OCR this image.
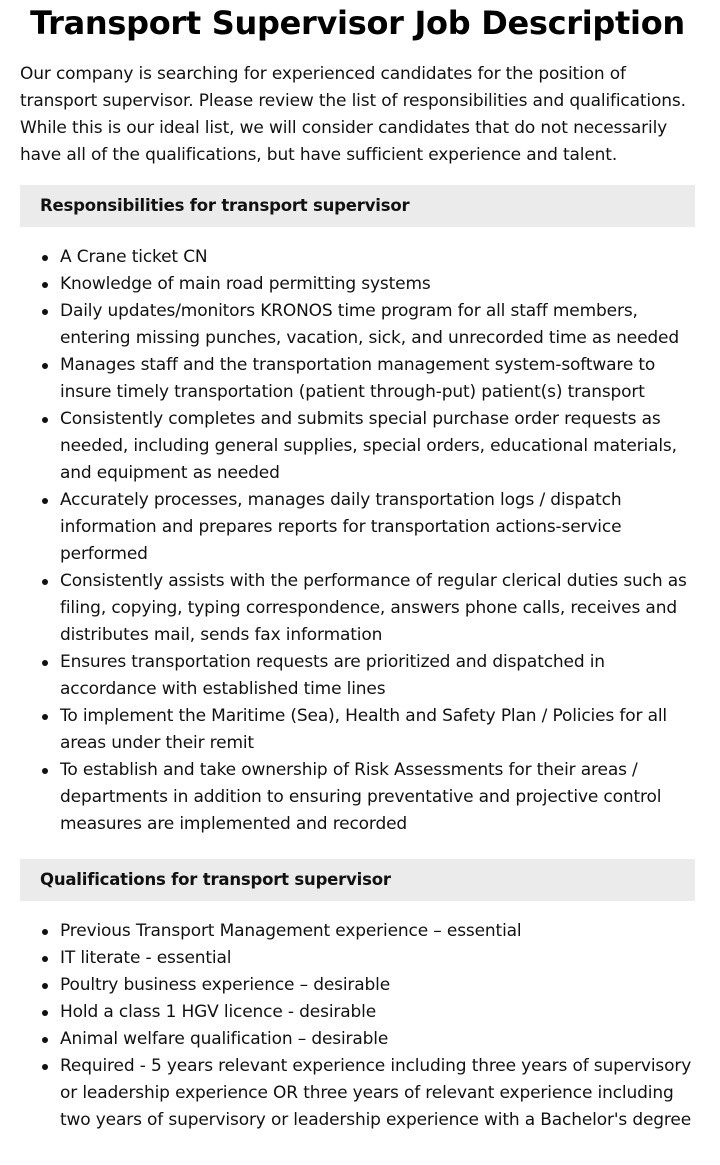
Transport Supervisor Job Description

Our company is searching for experienced candidates for the position of transport supervisor. Please review the list of responsibilities and qualifications. While this is our ideal list, we will consider candidates that do not necessarily have all of the qualifications, but have sufficient experience and talent.

Responsibilities for transport supervisor
A Crane ticket CN
Knowledge of main road permitting systems
Daily updates/monitors KRONOS time program for all staff members, entering missing punches, vacation, sick, and unrecorded time as needed
Manages staff and the transportation management system-software to insure timely transportation (patient through-put) patient(s) transport
Consistently completes and submits special purchase order requests as needed, including general supplies, special orders, educational materials, and equipment as needed
Accurately processes, manages daily transportation logs / dispatch information and prepares reports for transportation actions-service performed
Consistently assists with the performance of regular clerical duties such as filing, copying, typing correspondence, answers phone calls, receives and distributes mail, sends fax information
Ensures transportation requests are prioritized and dispatched in accordance with established time lines
To implement the Maritime (Sea), Health and Safety Plan / Policies for all areas under their remit
To establish and take ownership of Risk Assessments for their areas / departments in addition to ensuring preventative and projective control measures are implemented and recorded
Qualifications for transport supervisor
Previous Transport Management experience – essential
IT literate - essential
Poultry business experience – desirable
Hold a class 1 HGV licence - desirable
Animal welfare qualification – desirable
Required - 5 years relevant experience including three years of supervisory or leadership experience OR three years of relevant experience including two years of supervisory or leadership experience with a Bachelor's degree
